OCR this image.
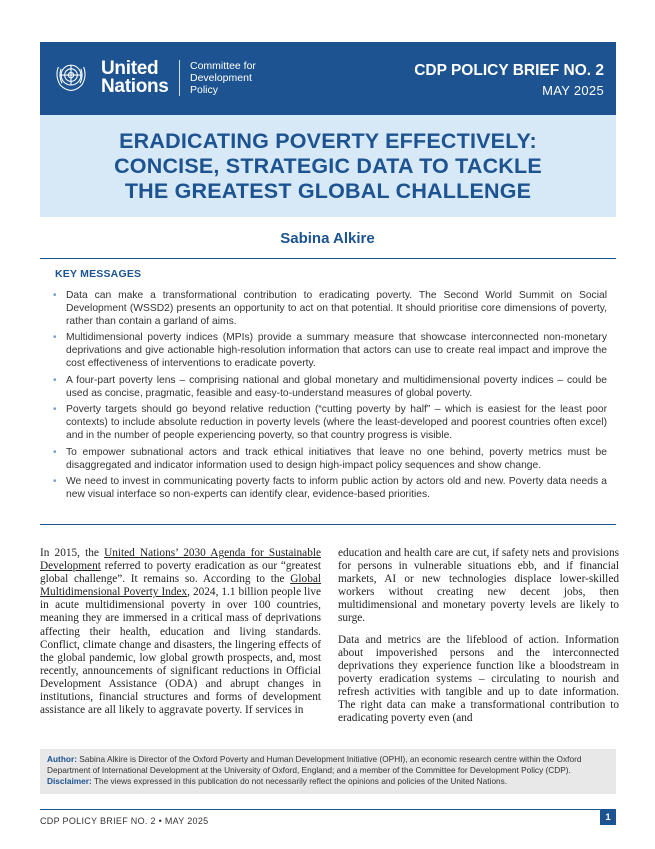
United
Nations
Committee for
Development
Policy
CDP POLICY BRIEF NO. 2
MAY 2025
ERADICATING POVERTY EFFECTIVELY:
CONCISE, STRATEGIC DATA TO TACKLE
THE GREATEST GLOBAL CHALLENGE
Sabina Alkire
KEY MESSAGES
• Data can make a transformational contribution to eradicating poverty. The Second World Summit on Social Development (WSSD2) presents an opportunity to act on that potential. It should prioritise core dimensions of poverty, rather than contain a garland of aims.
• Multidimensional poverty indices (MPIs) provide a summary measure that showcase interconnected non-monetary deprivations and give actionable high-resolution information that actors can use to create real impact and improve the cost effectiveness of interventions to eradicate poverty.
• A four-part poverty lens – comprising national and global monetary and multidimensional poverty indices – could be used as concise, pragmatic, feasible and easy-to-understand measures of global poverty.
• Poverty targets should go beyond relative reduction (“cutting poverty by half” – which is easiest for the least poor contexts) to include absolute reduction in poverty levels (where the least-developed and poorest countries often excel) and in the number of people experiencing poverty, so that country progress is visible.
• To empower subnational actors and track ethical initiatives that leave no one behind, poverty metrics must be disaggregated and indicator information used to design high-impact policy sequences and show change.
• We need to invest in communicating poverty facts to inform public action by actors old and new. Poverty data needs a new visual interface so non-experts can identify clear, evidence-based priorities.

In 2015, the United Nations’ 2030 Agenda for Sustainable Development referred to poverty eradication as our “greatest global challenge”. It remains so. According to the Global Multidimensional Poverty Index, 2024, 1.1 billion people live in acute multidimensional poverty in over 100 countries, meaning they are immersed in a critical mass of deprivations affecting their health, education and living standards. Conflict, climate change and disasters, the lingering effects of the global pandemic, low global growth prospects, and, most recently, announcements of significant reductions in Official Development Assistance (ODA) and abrupt changes in institutions, financial structures and forms of development assistance are all likely to aggravate poverty. If services in

education and health care are cut, if safety nets and provisions for persons in vulnerable situations ebb, and if financial markets, AI or new technologies displace lower-skilled workers without creating new decent jobs, then multidimensional and monetary poverty levels are likely to surge.

Data and metrics are the lifeblood of action. Information about impoverished persons and the interconnected deprivations they experience function like a bloodstream in poverty eradication systems – circulating to nourish and refresh activities with tangible and up to date information. The right data can make a transformational contribution to eradicating poverty even (and

Author: Sabina Alkire is Director of the Oxford Poverty and Human Development Initiative (OPHI), an economic research centre within the Oxford Department of International Development at the University of Oxford, England; and a member of the Committee for Development Policy (CDP).
Disclaimer: The views expressed in this publication do not necessarily reflect the opinions and policies of the United Nations.
CDP POLICY BRIEF NO. 2 • MAY 2025	1
